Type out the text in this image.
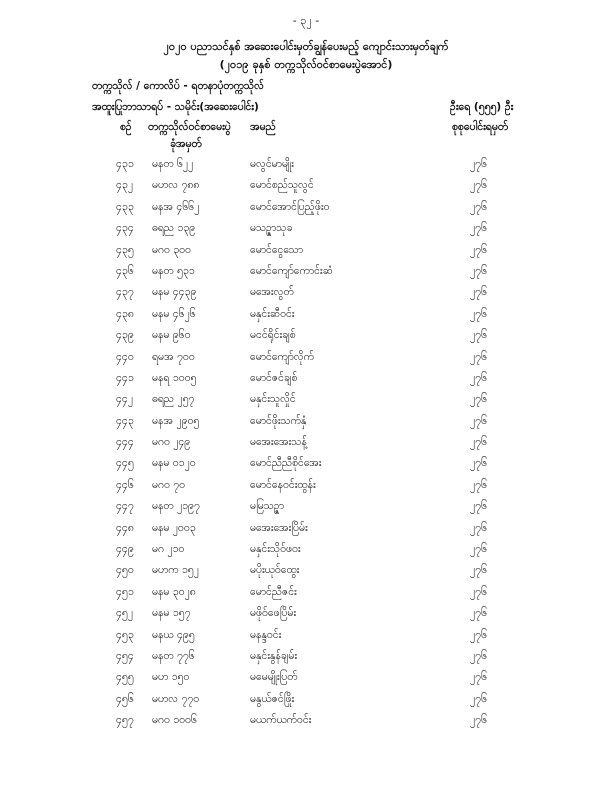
- ၃၂ -
၂၀၂၀ ပညာသင်နှစ် အဆေးပေါင်းမှတ်ချွန်ပေးမည့် ကျောင်းသားမှတ်ချက်
(၂၀၁၉ ခုနှစ် တက္ကသိုလ်ဝင်စာမေးပွဲအောင်)
တက္ကသိုလ် / ကောလိပ် - ရတနာပုံတက္ကသိုလ်
အထူးပြုဘာသာရပ် - သမိုင်း(အဆေးပေါင်း)	ဦးရေ (၅၅၅) ဦး
စဉ် တက္ကသိုလ်ဝင်စာမေးပွဲ
ခုံအမှတ်
အမည်	စုစုပေါင်းရမှတ်
၄၃၁ မနတ ၆၂၂	မလွင်မာမျိုး	၂၇၆
၄၃၂ မဟလ ၇၈၈	မောင်စည်သူလွင်	၂၇၆
၄၃၃ မနအ ၄၆၆၂	မောင်အောင်ပြည့်ဖိုးဝ	၂၇၆
၄၃၄ ဓရည ၁၃၉	မသဉ္ဇာသုခ	၂၇၆
၄၃၅ မဂဝ ၃၀၀	မောင်ငွေသော	၂၇၆
၄၃၆ မနတ ၅၃၁	မောင်ကျော်ကောင်းဆံ	၂၇၆
၄၃၇ မနမ ၄၄၃၉	မအေးလွတ်	၂၇၆
၄၃၈ မနမ ၄၆၂၆	မနှင်းဆီဝင်း	၂၇၆
၄၃၉ မနမ ၉၆၀	မငင်ရိုင်းချစ်	၂၇၆
၄၄၀ ရမအ ၇၀၀	မောင်ကျော်လိုက်	၂၇၆
၄၄၁ မနရ ၁၀၀၅	မောင်ဇင်ချစ်	၂၇၆
၄၄၂ ဓရည ၂၅၇	မနှင်းသူလှိုင်	၂၇၆
၄၄၃ မနအ ၂၉၀၅	မောင်ဖိုးသက်နှံ	၂၇၆
၄၄၄ မဂဝ ၂၄၉	မအေးအေးသန့်	၂၇၆
၄၄၅ မနမ ၀၁၂၀	မောင်ညီညီစိုင်အေး	၂၇၆
၄၄၆ မဂဝ ၇၀	မောင်နေဝင်းထွန်း	၂၇၆
၄၄၇ မနတ ၂၁၉၇	မမြသဉ္ဇာ	၂၇၆
၄၄၈ မနမ ၂၀၀၃	မအေးအေးပြိမ်း	၂၇၆
၄၄၉ မဂ ၂၁၀	မနှင်းသိုဝ်ဖဝး	၂၇၆
၄၅၀ မဟက ၁၅၂	မပိုးယုဝ်ထွေး	၂၇၆
၄၅၁ မနမ ၃၀၂၈	မောင်ညီဇင်း	၂၇၆
၄၅၂ မနမ ၁၅၇	မဖိုဝ်ဖေပြိမ်း	၂၇၆
၄၅၃ မနယ ၄၉၅	မနန္ဒဝင်း	၂၇၆
၄၅၄ မနတ ၇၇၆	မနှင်းနွန်ချမ်း	၂၇၆
၄၅၅ မဟ ၁၅၀	မမေမျိုးပြတ်	၂၇၆
၄၅၆ မဟလ ၇၇၀	မနွယ်ဇင်ဖြိုး	၂၇၆
၄၅၇ မဂဝ ၁၀၀၆	မယက်ယက်ဝင်း	၂၇၆
